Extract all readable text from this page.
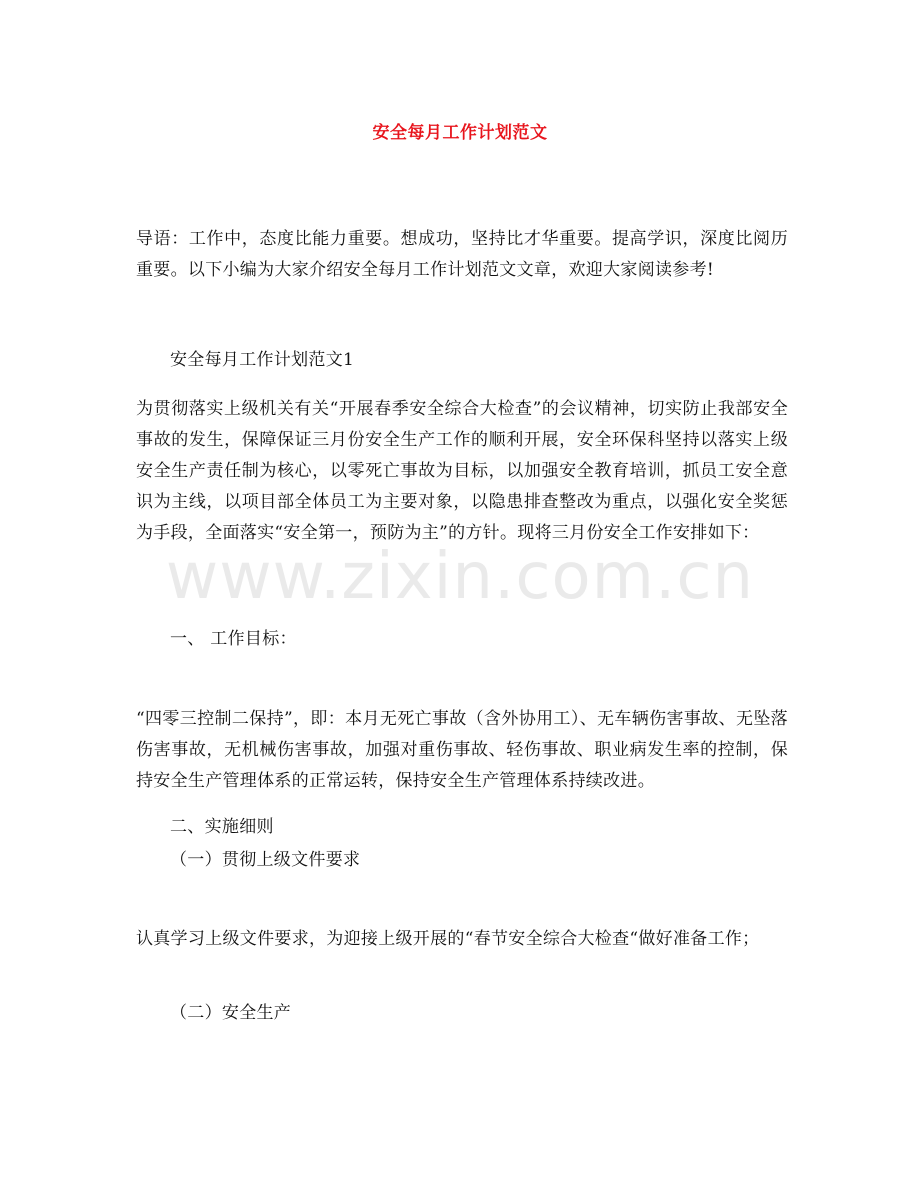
安全每月工作计划范文
导语：工作中，态度比能力重要。想成功，坚持比才华重要。提高学识，深度比阅历重要。以下小编为大家介绍安全每月工作计划范文文章，欢迎大家阅读参考!
安全每月工作计划范文1
为贯彻落实上级机关有关“开展春季安全综合大检查”的会议精神，切实防止我部安全事故的发生，保障保证三月份安全生产工作的顺利开展，安全环保科坚持以落实上级安全生产责任制为核心，以零死亡事故为目标，以加强安全教育培训，抓员工安全意识为主线，以项目部全体员工为主要对象，以隐患排查整改为重点，以强化安全奖惩为手段，全面落实“安全第一，预防为主”的方针。现将三月份安全工作安排如下：
一、 工作目标：
“四零三控制二保持”，即：本月无死亡事故（含外协用工）、无车辆伤害事故、无坠落伤害事故，无机械伤害事故，加强对重伤事故、轻伤事故、职业病发生率的控制，保持安全生产管理体系的正常运转，保持安全生产管理体系持续改进。
二、实施细则
（一）贯彻上级文件要求
认真学习上级文件要求，为迎接上级开展的“春节安全综合大检查“做好准备工作；
（二）安全生产
www.zixin.com.cn
